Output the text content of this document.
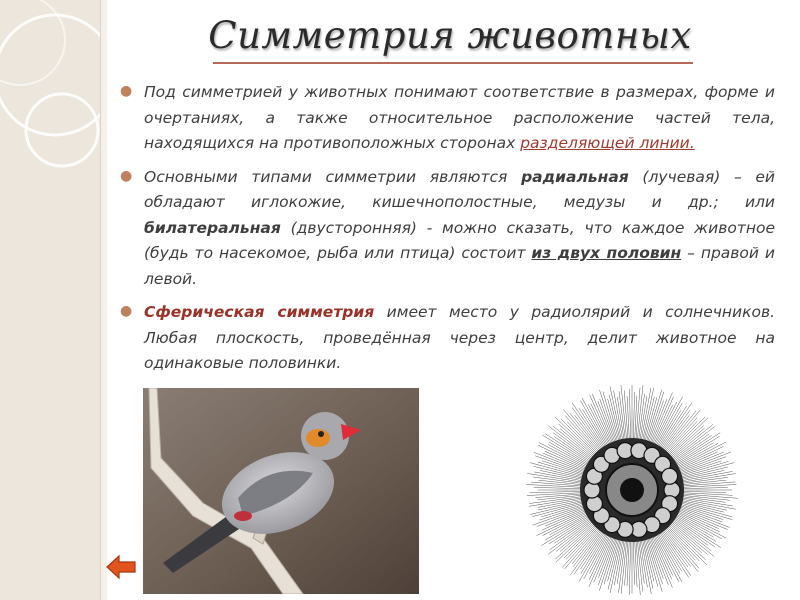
Симметрия животных
● Под симметрией у животных понимают соответствие в размерах, форме и очертаниях, а также относительное расположение частей тела, находящихся на противоположных сторонах разделяющей линии.
● Основными типами симметрии являются радиальная (лучевая) – ей обладают иглокожие, кишечнополостные, медузы и др.; или билатеральная (двусторонняя) - можно сказать, что каждое животное (будь то насекомое, рыба или птица) состоит из двух половин – правой и левой.
● Сферическая симметрия имеет место у радиолярий и солнечников. Любая плоскость, проведённая через центр, делит животное на одинаковые половинки.
